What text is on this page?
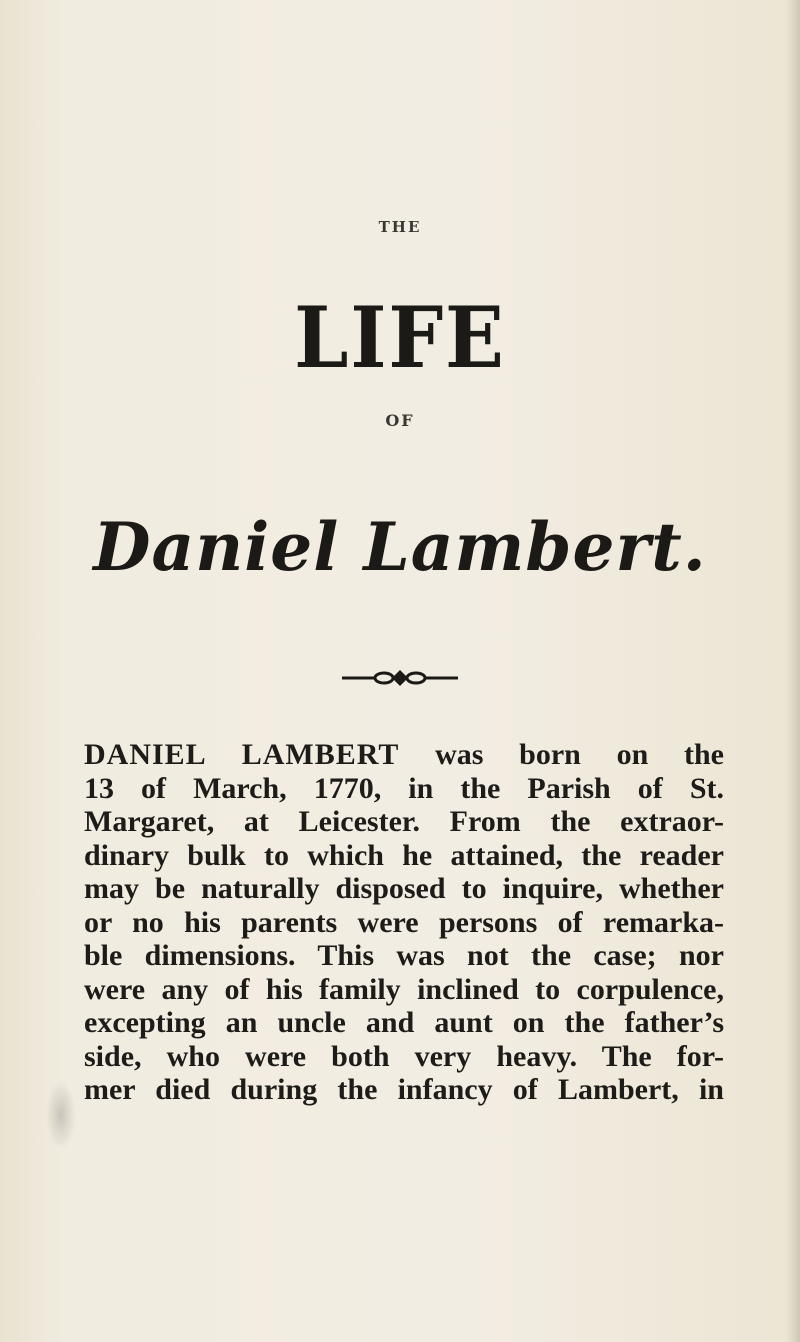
THE
LIFE
OF
Daniel Lambert.
DANIEL LAMBERT was born on the
13 of March, 1770, in the Parish of St.
Margaret, at Leicester. From the extraor-
dinary bulk to which he attained, the reader
may be naturally disposed to inquire, whether
or no his parents were persons of remarka-
ble dimensions. This was not the case; nor
were any of his family inclined to corpulence,
excepting an uncle and aunt on the father’s
side, who were both very heavy. The for-
mer died during the infancy of Lambert, in
